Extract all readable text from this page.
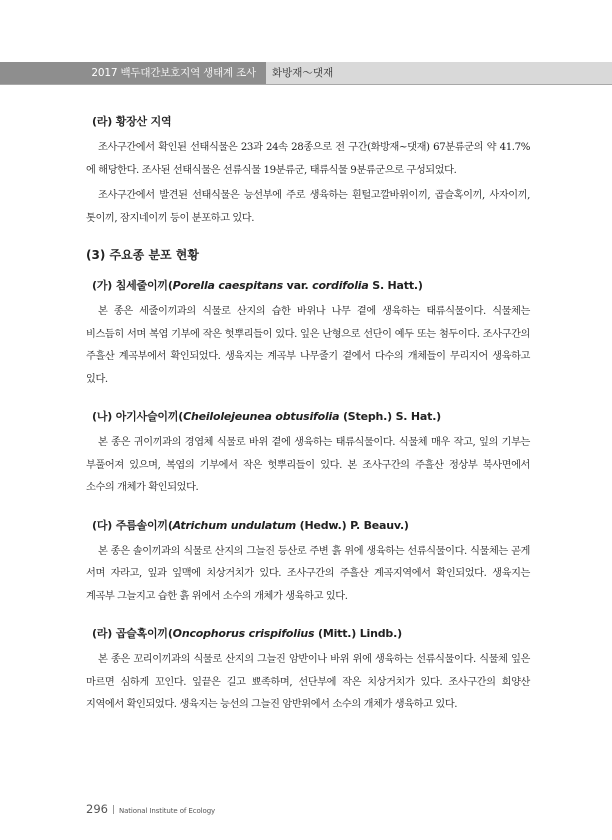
2017 백두대간보호지역 생태계 조사	화방재～댓재
(라) 황장산 지역

조사구간에서 확인된 선태식물은 23과 24속 28종으로 전 구간(화방재~댓재) 67분류군의 약 41.7%에 해당한다. 조사된 선태식물은 선류식물 19분류군, 태류식물 9분류군으로 구성되었다.

조사구간에서 발견된 선태식물은 능선부에 주로 생육하는 흰털고깔바위이끼, 곱슬혹이끼, 사자이끼, 톳이끼, 잠지네이끼 등이 분포하고 있다.

(3) 주요종 분포 현황
(가) 침세줄이끼(Porella caespitans var. cordifolia S. Hatt.)

본 종은 세줄이끼과의 식물로 산지의 습한 바위나 나무 곁에 생육하는 태류식물이다. 식물체는 비스듬히 서며 복엽 기부에 작은 헛뿌리들이 있다. 잎은 난형으로 선단이 예두 또는 첨두이다. 조사구간의 주흘산 계곡부에서 확인되었다. 생육지는 계곡부 나무줄기 곁에서 다수의 개체들이 무리지어 생육하고 있다.

(나) 아기사슬이끼(Cheilolejeunea obtusifolia (Steph.) S. Hat.)

본 종은 귀이끼과의 경엽체 식물로 바위 곁에 생육하는 태류식물이다. 식물체 매우 작고, 잎의 기부는 부풀어져 있으며, 복엽의 기부에서 작은 헛뿌리들이 있다. 본 조사구간의 주흘산 정상부 북사면에서 소수의 개체가 확인되었다.

(다) 주름솔이끼(Atrichum undulatum (Hedw.) P. Beauv.)

본 종은 솔이끼과의 식물로 산지의 그늘진 등산로 주변 흙 위에 생육하는 선류식물이다. 식물체는 곧게 서며 자라고, 잎과 잎맥에 치상거치가 있다. 조사구간의 주흘산 계곡지역에서 확인되었다. 생육지는 계곡부 그늘지고 습한 흙 위에서 소수의 개체가 생육하고 있다.

(라) 곱슬혹이끼(Oncophorus crispifolius (Mitt.) Lindb.)

본 종은 꼬리이끼과의 식물로 산지의 그늘진 암반이나 바위 위에 생육하는 선류식물이다. 식물체 잎은 마르면 심하게 꼬인다. 잎끝은 길고 뾰족하며, 선단부에 작은 치상거치가 있다. 조사구간의 희양산 지역에서 확인되었다. 생육지는 능선의 그늘진 암반위에서 소수의 개체가 생육하고 있다.

296 National Institute of Ecology
